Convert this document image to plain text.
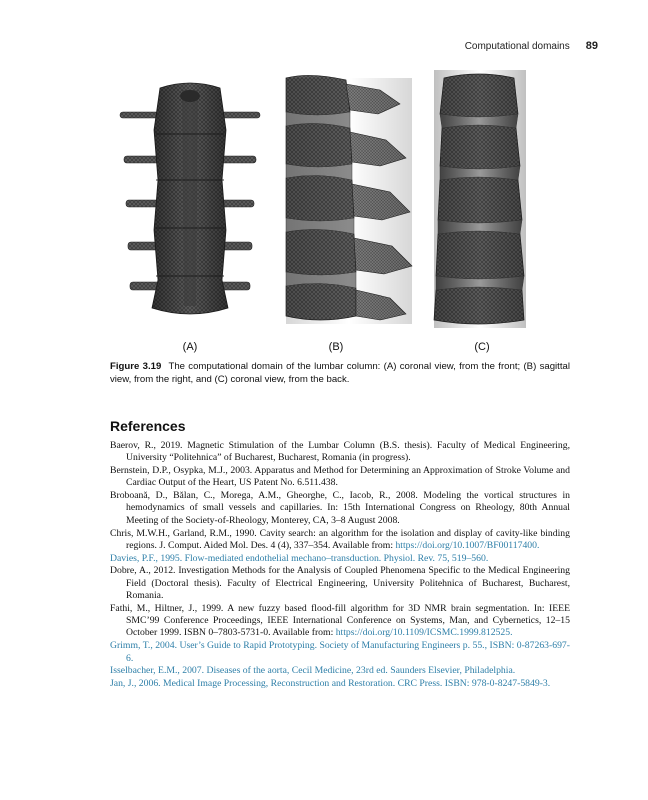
Computational domains 89
(A)	(B)	(C)
Figure 3.19 The computational domain of the lumbar column: (A) coronal view, from the front; (B) sagittal view, from the right, and (C) coronal view, from the back.
References

Baerov, R., 2019. Magnetic Stimulation of the Lumbar Column (B.S. thesis). Faculty of Medical Engineering, University “Politehnica” of Bucharest, Bucharest, Romania (in progress).

Bernstein, D.P., Osypka, M.J., 2003. Apparatus and Method for Determining an Approximation of Stroke Volume and Cardiac Output of the Heart, US Patent No. 6.511.438.

Broboană, D., Bălan, C., Morega, A.M., Gheorghe, C., Iacob, R., 2008. Modeling the vortical structures in hemodynamics of small vessels and capillaries. In: 15th International Congress on Rheology, 80th Annual Meeting of the Society-of-Rheology, Monterey, CA, 3–8 August 2008.

Chris, M.W.H., Garland, R.M., 1990. Cavity search: an algorithm for the isolation and display of cavity-like binding regions. J. Comput. Aided Mol. Des. 4 (4), 337–354. Available from: https://doi.org/10.1007/BF00117400.

Davies, P.F., 1995. Flow-mediated endothelial mechano–transduction. Physiol. Rev. 75, 519–560.

Dobre, A., 2012. Investigation Methods for the Analysis of Coupled Phenomena Specific to the Medical Engineering Field (Doctoral thesis). Faculty of Electrical Engineering, University Politehnica of Bucharest, Bucharest, Romania.

Fathi, M., Hiltner, J., 1999. A new fuzzy based flood-fill algorithm for 3D NMR brain segmentation. In: IEEE SMC’99 Conference Proceedings, IEEE International Conference on Systems, Man, and Cybernetics, 12–15 October 1999. ISBN 0–7803-5731-0. Available from: https://doi.org/10.1109/ICSMC.1999.812525.

Grimm, T., 2004. User’s Guide to Rapid Prototyping. Society of Manufacturing Engineers p. 55., ISBN: 0-87263-697-6.

Isselbacher, E.M., 2007. Diseases of the aorta, Cecil Medicine, 23rd ed. Saunders Elsevier, Philadelphia.

Jan, J., 2006. Medical Image Processing, Reconstruction and Restoration. CRC Press. ISBN: 978-0-8247-5849-3.
